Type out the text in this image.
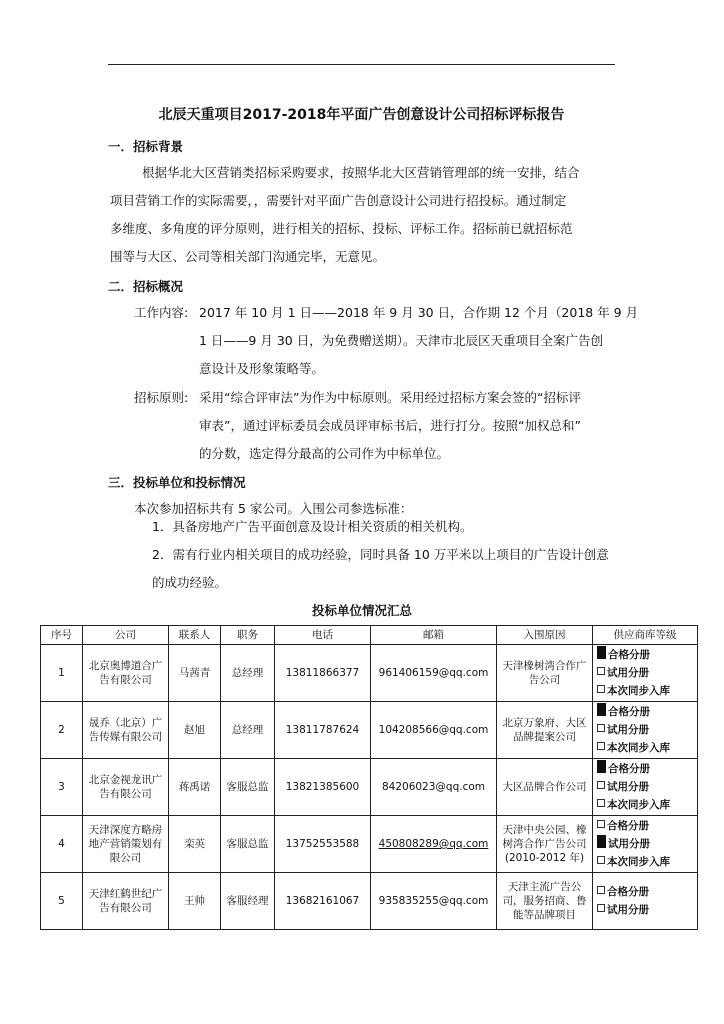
北辰天重项目2017-2018年平面广告创意设计公司招标评标报告
一．招标背景
根据华北大区营销类招标采购要求，按照华北大区营销管理部的统一安排，结合
项目营销工作的实际需要，，需要针对平面广告创意设计公司进行招投标。通过制定
多维度、多角度的评分原则，进行相关的招标、投标、评标工作。招标前已就招标范
围等与大区、公司等相关部门沟通完毕，无意见。
二．招标概况
工作内容: 2017 年 10 月 1 日——2018 年 9 月 30 日，合作期 12 个月（2018 年 9 月
1 日——9 月 30 日，为免费赠送期）。天津市北辰区天重项目全案广告创
意设计及形象策略等。
招标原则: 采用“综合评审法”为作为中标原则。采用经过招标方案会签的“招标评
审表”，通过评标委员会成员评审标书后，进行打分。按照“加权总和”
的分数，选定得分最高的公司作为中标单位。
三．投标单位和投标情况
本次参加招标共有 5 家公司。入围公司参选标准：
1．具备房地产广告平面创意及设计相关资质的相关机构。
2．需有行业内相关项目的成功经验，同时具备 10 万平米以上项目的广告设计创意
的成功经验。
投标单位情况汇总
序号	公司	联系人	职务	电话	邮箱	入围原因	供应商库等级
1	北京奥博道合广告有限公司	马茜青	总经理	13811866377	961406159@qq.com	天津橡树湾合作广告公司	合格分册
试用分册
本次同步入库

2	晟乔（北京）广告传媒有限公司	赵旭	总经理	13811787624	104208566@qq.com	北京万象府、大区品牌提案公司	合格分册
试用分册
本次同步入库

3	北京金视龙讯广告有限公司	蒋禹诺	客服总监	13821385600	84206023@qq.com	大区品牌合作公司	合格分册
试用分册
本次同步入库

4	天津深度方略房地产营销策划有限公司	栾英	客服总监	13752553588	450808289@qq.com	天津中央公园、橡树湾合作广告公司(2010-2012 年)	合格分册
试用分册
本次同步入库

5	天津红鹤世纪广告有限公司	王帅	客服经理	13682161067	935835255@qq.com	天津主流广告公司，服务招商、鲁能等品牌项目	合格分册
试用分册
